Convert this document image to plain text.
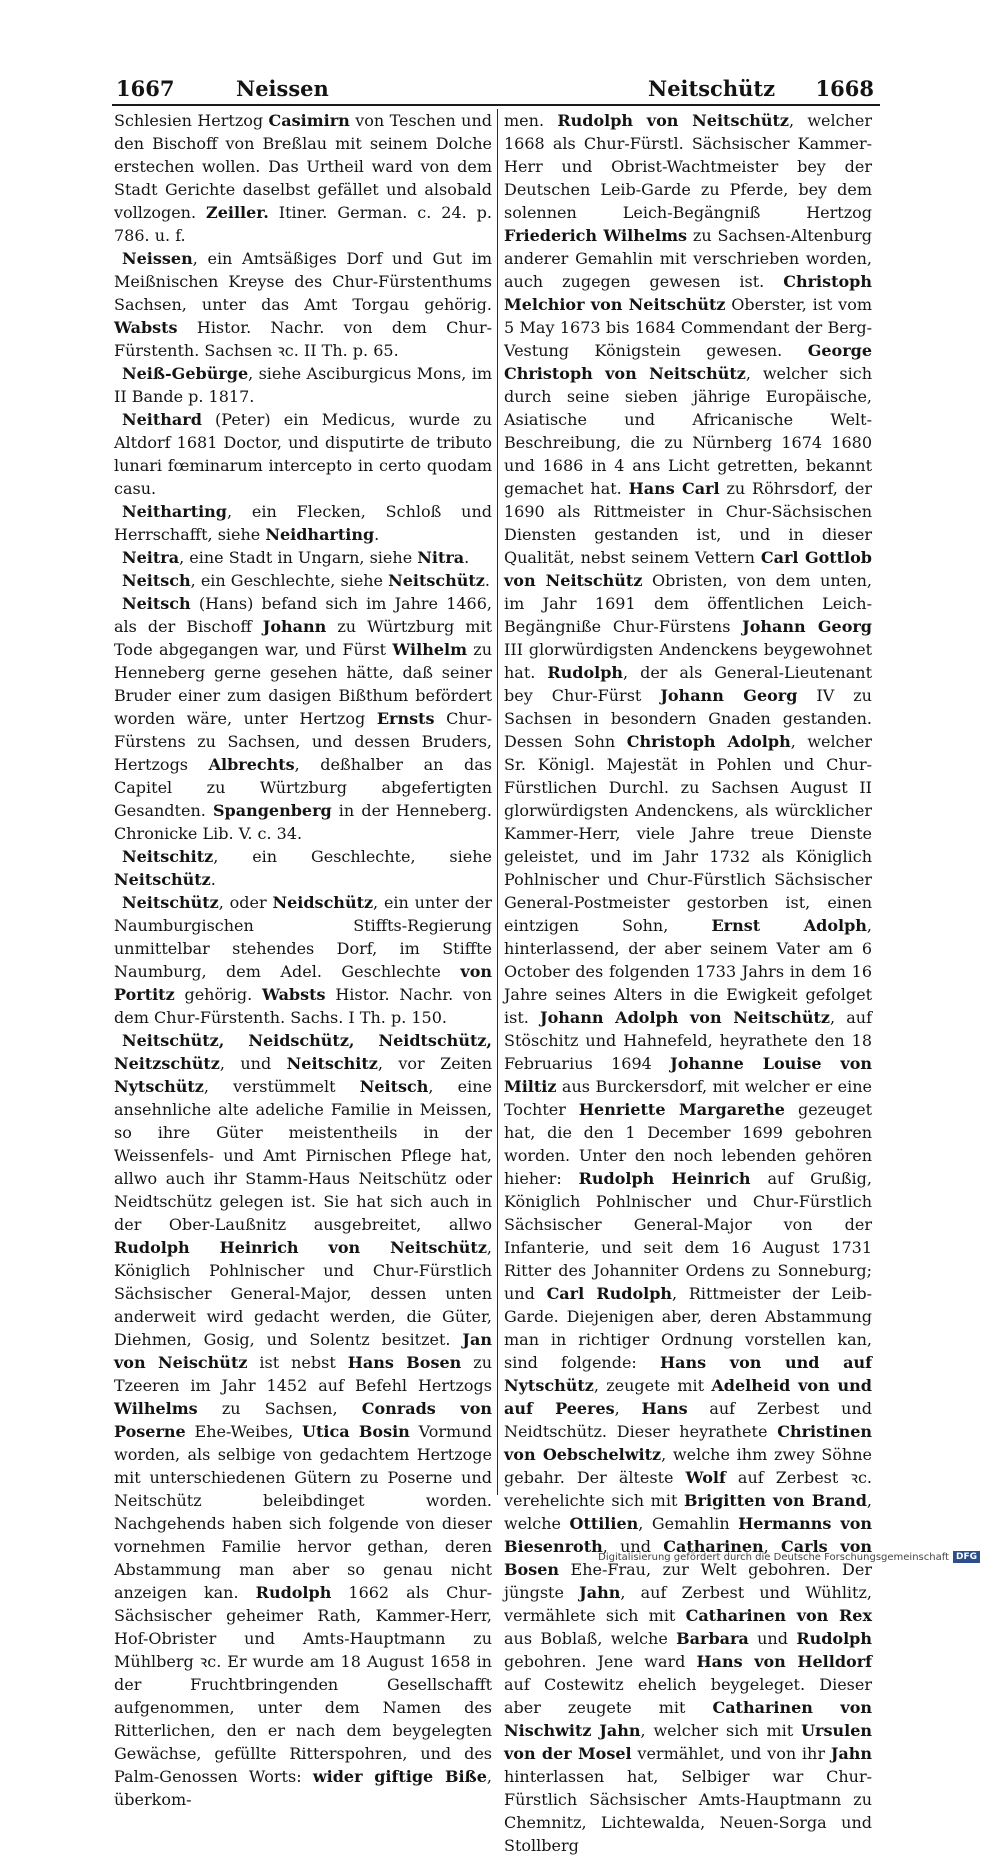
1667	Neissen	Neitschütz 1668

Schlesien Hertzog Casimirn von Teschen und den Bischoff von Breßlau mit seinem Dolche erstechen wollen. Das Urtheil ward von dem Stadt Gerichte daselbst gefället und alsobald vollzogen. Zeiller. Itiner. German. c. 24. p. 786. u. f.

Neissen, ein Amtsäßiges Dorf und Gut im Meißnischen Kreyse des Chur-Fürstenthums Sachsen, unter das Amt Torgau gehörig. Wabsts Histor. Nachr. von dem Chur-Fürstenth. Sachsen ꝛc. II Th. p. 65.

Neiß-Gebürge, siehe Asciburgicus Mons, im II Bande p. 1817.

Neithard (Peter) ein Medicus, wurde zu Altdorf 1681 Doctor, und disputirte de tributo lunari fœminarum intercepto in certo quodam casu.

Neitharting, ein Flecken, Schloß und Herrschafft, siehe Neidharting.

Neitra, eine Stadt in Ungarn, siehe Nitra.

Neitsch, ein Geschlechte, siehe Neitschütz.

Neitsch (Hans) befand sich im Jahre 1466, als der Bischoff Johann zu Würtzburg mit Tode abgegangen war, und Fürst Wilhelm zu Henneberg gerne gesehen hätte, daß seiner Bruder einer zum dasigen Bißthum befördert worden wäre, unter Hertzog Ernsts Chur-Fürstens zu Sachsen, und dessen Bruders, Hertzogs Albrechts, deßhalber an das Capitel zu Würtzburg abgefertigten Gesandten. Spangenberg in der Henneberg. Chronicke Lib. V. c. 34.

Neitschitz, ein Geschlechte, siehe Neitschütz.

Neitschütz, oder Neidschütz, ein unter der Naumburgischen Stiffts-Regierung unmittelbar stehendes Dorf, im Stiffte Naumburg, dem Adel. Geschlechte von Portitz gehörig. Wabsts Histor. Nachr. von dem Chur-Fürstenth. Sachs. I Th. p. 150.

Neitschütz, Neidschütz, Neidtschütz, Neitzschütz, und Neitschitz, vor Zeiten Nytschütz, verstümmelt Neitsch, eine ansehnliche alte adeliche Familie in Meissen, so ihre Güter meistentheils in der Weissenfels- und Amt Pirnischen Pflege hat, allwo auch ihr Stamm-Haus Neitschütz oder Neidtschütz gelegen ist. Sie hat sich auch in der Ober-Laußnitz ausgebreitet, allwo Rudolph Heinrich von Neitschütz, Königlich Pohlnischer und Chur-Fürstlich Sächsischer General-Major, dessen unten anderweit wird gedacht werden, die Güter, Diehmen, Gosig, und Solentz besitzet. Jan von Neischütz ist nebst Hans Bosen zu Tzeeren im Jahr 1452 auf Befehl Hertzogs Wilhelms zu Sachsen, Conrads von Poserne Ehe-Weibes, Utica Bosin Vormund worden, als selbige von gedachtem Hertzoge mit unterschiedenen Gütern zu Poserne und Neitschütz beleibdinget worden. Nachgehends haben sich folgende von dieser vornehmen Familie hervor gethan, deren Abstammung man aber so genau nicht anzeigen kan. Rudolph 1662 als Chur-Sächsischer geheimer Rath, Kammer-Herr, Hof-Obrister und Amts-Hauptmann zu Mühlberg ꝛc. Er wurde am 18 August 1658 in der Fruchtbringenden Gesellschafft aufgenommen, unter dem Namen des Ritterlichen, den er nach dem beygelegten Gewächse, gefüllte Ritterspohren, und des Palm-Genossen Worts: wider giftige Biße, überkom-

men. Rudolph von Neitschütz, welcher 1668 als Chur-Fürstl. Sächsischer Kammer-Herr und Obrist-Wachtmeister bey der Deutschen Leib-Garde zu Pferde, bey dem solennen Leich-Begängniß Hertzog Friederich Wilhelms zu Sachsen-Altenburg anderer Gemahlin mit verschrieben worden, auch zugegen gewesen ist. Christoph Melchior von Neitschütz Oberster, ist vom 5 May 1673 bis 1684 Commendant der Berg-Vestung Königstein gewesen. George Christoph von Neitschütz, welcher sich durch seine sieben jährige Europäische, Asiatische und Africanische Welt-Beschreibung, die zu Nürnberg 1674 1680 und 1686 in 4 ans Licht getretten, bekannt gemachet hat. Hans Carl zu Röhrsdorf, der 1690 als Rittmeister in Chur-Sächsischen Diensten gestanden ist, und in dieser Qualität, nebst seinem Vettern Carl Gottlob von Neitschütz Obristen, von dem unten, im Jahr 1691 dem öffentlichen Leich-Begängniße Chur-Fürstens Johann Georg III glorwürdigsten Andenckens beygewohnet hat. Rudolph, der als General-Lieutenant bey Chur-Fürst Johann Georg IV zu Sachsen in besondern Gnaden gestanden. Dessen Sohn Christoph Adolph, welcher Sr. Königl. Majestät in Pohlen und Chur-Fürstlichen Durchl. zu Sachsen August II glorwürdigsten Andenckens, als würcklicher Kammer-Herr, viele Jahre treue Dienste geleistet, und im Jahr 1732 als Königlich Pohlnischer und Chur-Fürstlich Sächsischer General-Postmeister gestorben ist, einen eintzigen Sohn, Ernst Adolph, hinterlassend, der aber seinem Vater am 6 October des folgenden 1733 Jahrs in dem 16 Jahre seines Alters in die Ewigkeit gefolget ist. Johann Adolph von Neitschütz, auf Stöschitz und Hahnefeld, heyrathete den 18 Februarius 1694 Johanne Louise von Miltiz aus Burckersdorf, mit welcher er eine Tochter Henriette Margarethe gezeuget hat, die den 1 December 1699 gebohren worden. Unter den noch lebenden gehören hieher: Rudolph Heinrich auf Grußig, Königlich Pohlnischer und Chur-Fürstlich Sächsischer General-Major von der Infanterie, und seit dem 16 August 1731 Ritter des Johanniter Ordens zu Sonneburg; und Carl Rudolph, Rittmeister der Leib-Garde. Diejenigen aber, deren Abstammung man in richtiger Ordnung vorstellen kan, sind folgende: Hans von und auf Nytschütz, zeugete mit Adelheid von und auf Peeres, Hans auf Zerbest und Neidtschütz. Dieser heyrathete Christinen von Oebschelwitz, welche ihm zwey Söhne gebahr. Der älteste Wolf auf Zerbest ꝛc. verehelichte sich mit Brigitten von Brand, welche Ottilien, Gemahlin Hermanns von Biesenroth, und Catharinen, Carls von Bosen Ehe-Frau, zur Welt gebohren. Der jüngste Jahn, auf Zerbest und Wühlitz, vermählete sich mit Catharinen von Rex aus Boblaß, welche Barbara und Rudolph gebohren. Jene ward Hans von Helldorf auf Costewitz ehelich beygeleget. Dieser aber zeugete mit Catharinen von Nischwitz Jahn, welcher sich mit Ursulen von der Mosel vermählet, und von ihr Jahn hinterlassen hat, Selbiger war Chur-Fürstlich Sächsischer Amts-Hauptmann zu Chemnitz, Lichtewalda, Neuen-Sorga und Stollberg

Digitalisierung gefördert durch die Deutsche Forschungsgemeinschaft DFG
